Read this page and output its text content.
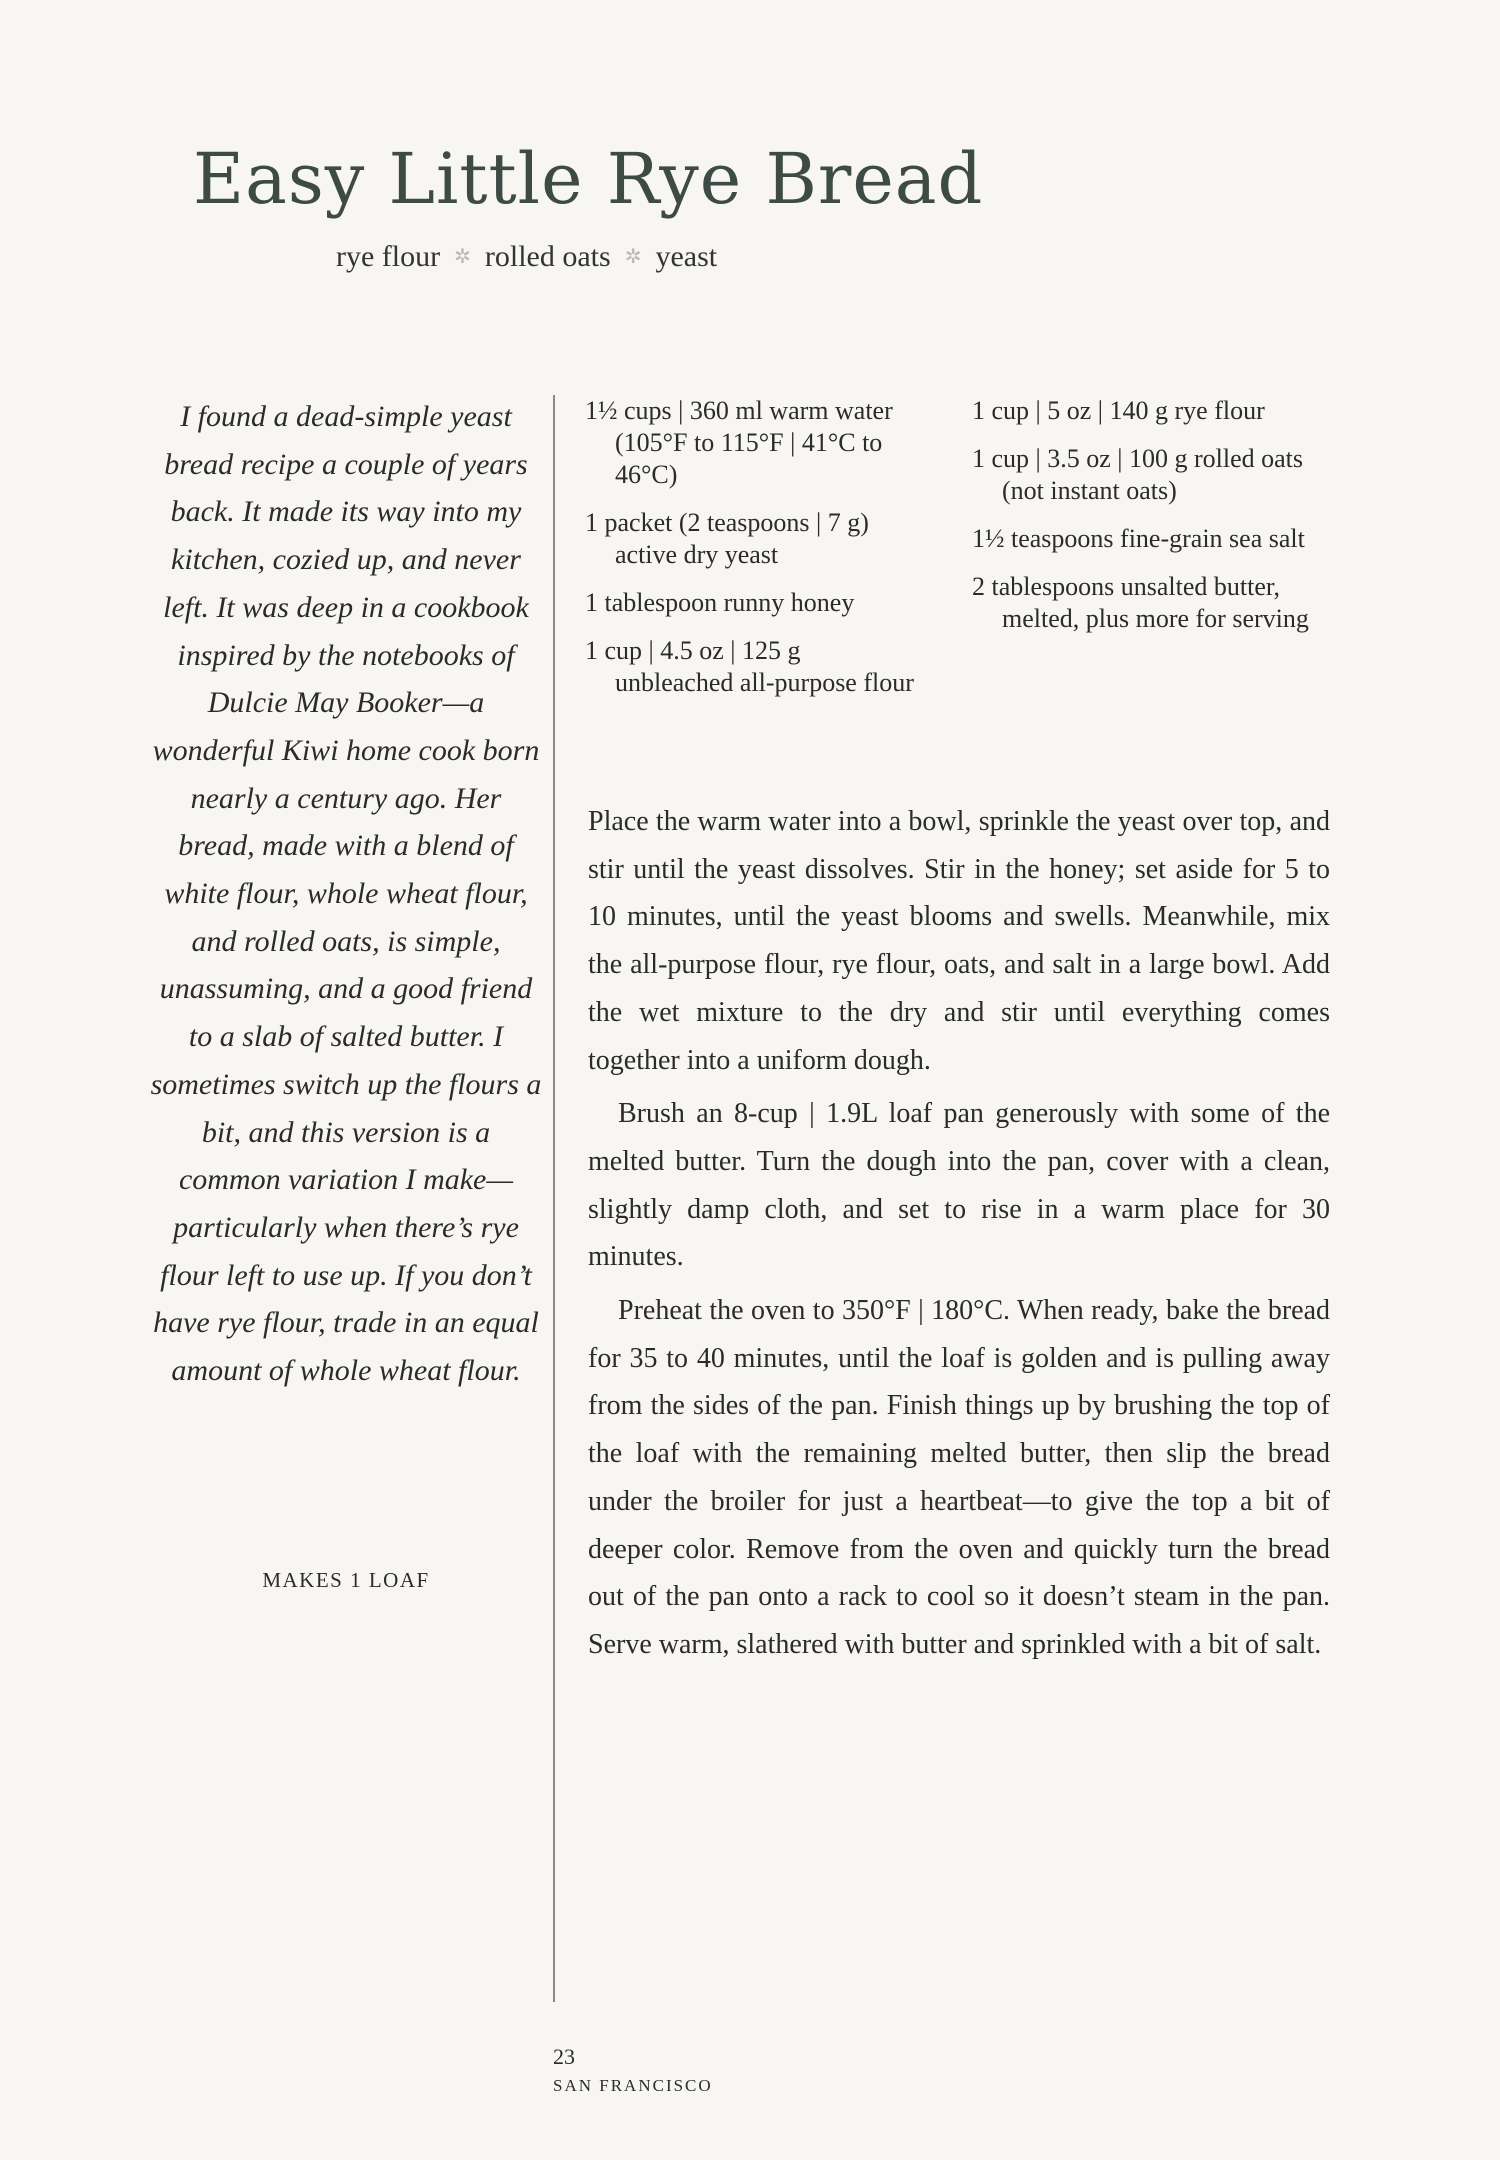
Easy Little Rye Bread
rye flour ✲ rolled oats ✲ yeast

I found a dead-simple yeast bread recipe a couple of years back. It made its way into my kitchen, cozied up, and never left. It was deep in a cookbook inspired by the notebooks of Dulcie May Booker—a wonderful Kiwi home cook born nearly a century ago. Her bread, made with a blend of white flour, whole wheat flour, and rolled oats, is simple, unassuming, and a good friend to a slab of salted butter. I sometimes switch up the flours a bit, and this version is a common variation I make—particularly when there’s rye flour left to use up. If you don’t have rye flour, trade in an equal amount of whole wheat flour.

MAKES 1 LOAF
1½ cups | 360 ml warm water (105°F to 115°F | 41°C to 46°C)
1 packet (2 teaspoons | 7 g) active dry yeast
1 tablespoon runny honey
1 cup | 4.5 oz | 125 g unbleached all-purpose flour
1 cup | 5 oz | 140 g rye flour
1 cup | 3.5 oz | 100 g rolled oats (not instant oats)
1½ teaspoons fine-grain sea salt
2 tablespoons unsalted butter, melted, plus more for serving

Place the warm water into a bowl, sprinkle the yeast over top, and stir until the yeast dissolves. Stir in the honey; set aside for 5 to 10 minutes, until the yeast blooms and swells. Meanwhile, mix the all-purpose flour, rye flour, oats, and salt in a large bowl. Add the wet mixture to the dry and stir until everything comes together into a uniform dough.

Brush an 8-cup | 1.9L loaf pan generously with some of the melted butter. Turn the dough into the pan, cover with a clean, slightly damp cloth, and set to rise in a warm place for 30 minutes.

Preheat the oven to 350°F | 180°C. When ready, bake the bread for 35 to 40 minutes, until the loaf is golden and is pulling away from the sides of the pan. Finish things up by brushing the top of the loaf with the remaining melted butter, then slip the bread under the broiler for just a heartbeat—to give the top a bit of deeper color. Remove from the oven and quickly turn the bread out of the pan onto a rack to cool so it doesn’t steam in the pan. Serve warm, slathered with butter and sprinkled with a bit of salt.

23
SAN FRANCISCO
